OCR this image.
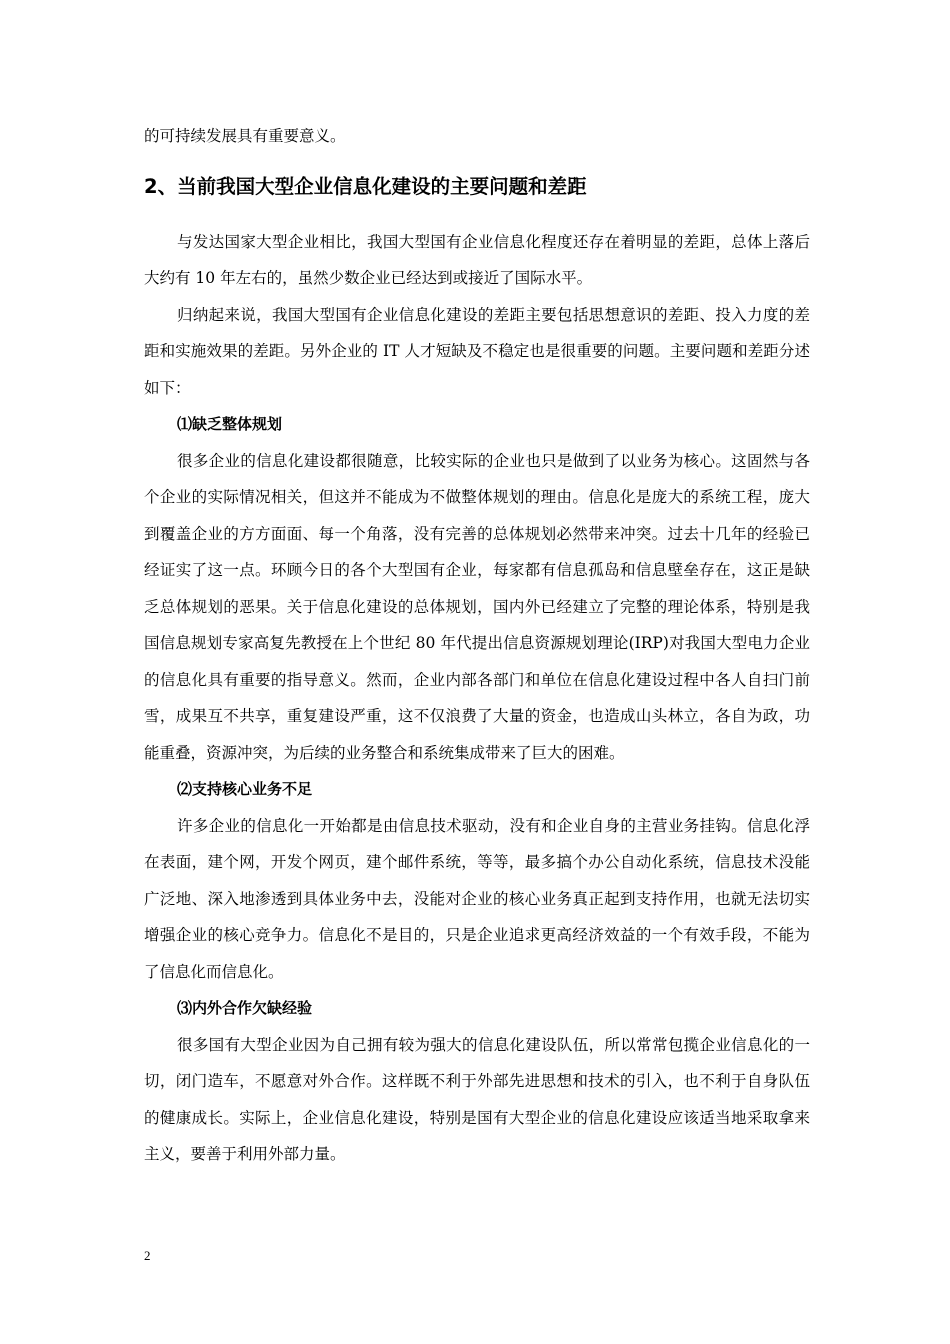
的可持续发展具有重要意义。

2、当前我国大型企业信息化建设的主要问题和差距

与发达国家大型企业相比，我国大型国有企业信息化程度还存在着明显的差距，总体上落后大约有 10 年左右的，虽然少数企业已经达到或接近了国际水平。

归纳起来说，我国大型国有企业信息化建设的差距主要包括思想意识的差距、投入力度的差距和实施效果的差距。另外企业的 IT 人才短缺及不稳定也是很重要的问题。主要问题和差距分述如下：

⑴缺乏整体规划

很多企业的信息化建设都很随意，比较实际的企业也只是做到了以业务为核心。这固然与各个企业的实际情况相关，但这并不能成为不做整体规划的理由。信息化是庞大的系统工程，庞大到覆盖企业的方方面面、每一个角落，没有完善的总体规划必然带来冲突。过去十几年的经验已经证实了这一点。环顾今日的各个大型国有企业，每家都有信息孤岛和信息壁垒存在，这正是缺乏总体规划的恶果。关于信息化建设的总体规划，国内外已经建立了完整的理论体系，特别是我国信息规划专家高复先教授在上个世纪 80 年代提出信息资源规划理论(IRP)对我国大型电力企业的信息化具有重要的指导意义。然而，企业内部各部门和单位在信息化建设过程中各人自扫门前雪，成果互不共享，重复建设严重，这不仅浪费了大量的资金，也造成山头林立，各自为政，功能重叠，资源冲突，为后续的业务整合和系统集成带来了巨大的困难。

⑵支持核心业务不足

许多企业的信息化一开始都是由信息技术驱动，没有和企业自身的主营业务挂钩。信息化浮在表面，建个网，开发个网页，建个邮件系统，等等，最多搞个办公自动化系统，信息技术没能广泛地、深入地渗透到具体业务中去，没能对企业的核心业务真正起到支持作用，也就无法切实增强企业的核心竞争力。信息化不是目的，只是企业追求更高经济效益的一个有效手段，不能为了信息化而信息化。

⑶内外合作欠缺经验

很多国有大型企业因为自己拥有较为强大的信息化建设队伍，所以常常包揽企业信息化的一切，闭门造车，不愿意对外合作。这样既不利于外部先进思想和技术的引入，也不利于自身队伍的健康成长。实际上，企业信息化建设，特别是国有大型企业的信息化建设应该适当地采取拿来主义，要善于利用外部力量。

2
